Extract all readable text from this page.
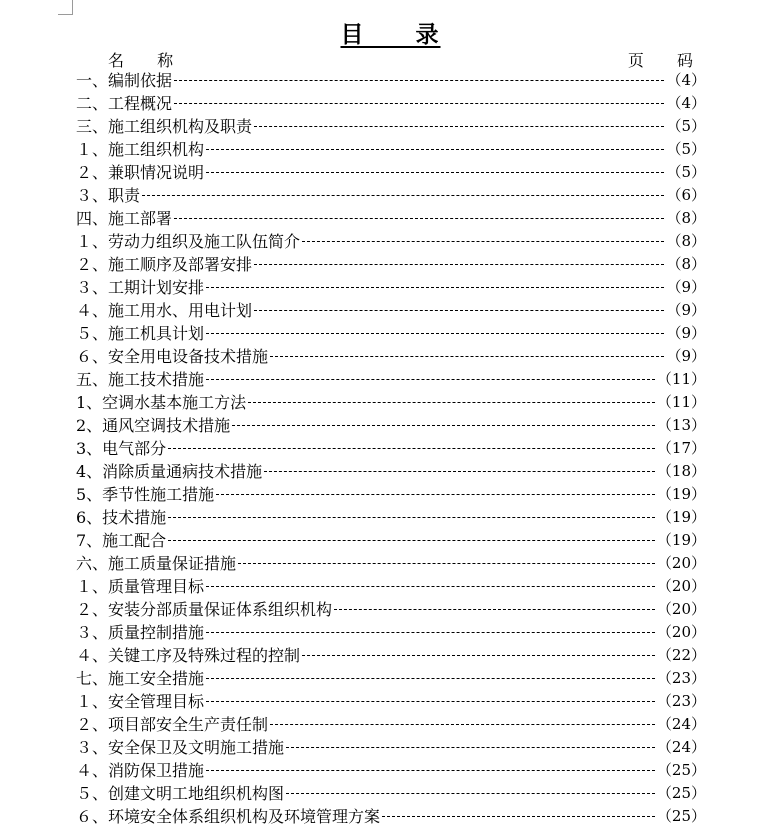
目　　录
名 称	页 码
一、编制依据	（4）
二、工程概况	（4）
三、施工组织机构及职责	（5）
１、施工组织机构	（5）
２、兼职情况说明	（5）
３、职责	（6）
四、施工部署	（8）
１、劳动力组织及施工队伍简介	（8）
２、施工顺序及部署安排	（8）
３、工期计划安排	（9）
４、施工用水、用电计划	（9）
５、施工机具计划	（9）
６、安全用电设备技术措施	（9）
五、施工技术措施	（11）
1、空调水基本施工方法	（11）
2、通风空调技术措施	（13）
3、电气部分	（17）
4、消除质量通病技术措施	（18）
5、季节性施工措施	（19）
6、技术措施	（19）
7、施工配合	（19）
六、施工质量保证措施	（20）
１、质量管理目标	（20）
２、安装分部质量保证体系组织机构	（20）
３、质量控制措施	（20）
４、关键工序及特殊过程的控制	（22）
七、施工安全措施	（23）
１、安全管理目标	（23）
２、项目部安全生产责任制	（24）
３、安全保卫及文明施工措施	（24）
４、消防保卫措施	（25）
５、创建文明工地组织机构图	（25）
６、环境安全体系组织机构及环境管理方案	（25）
